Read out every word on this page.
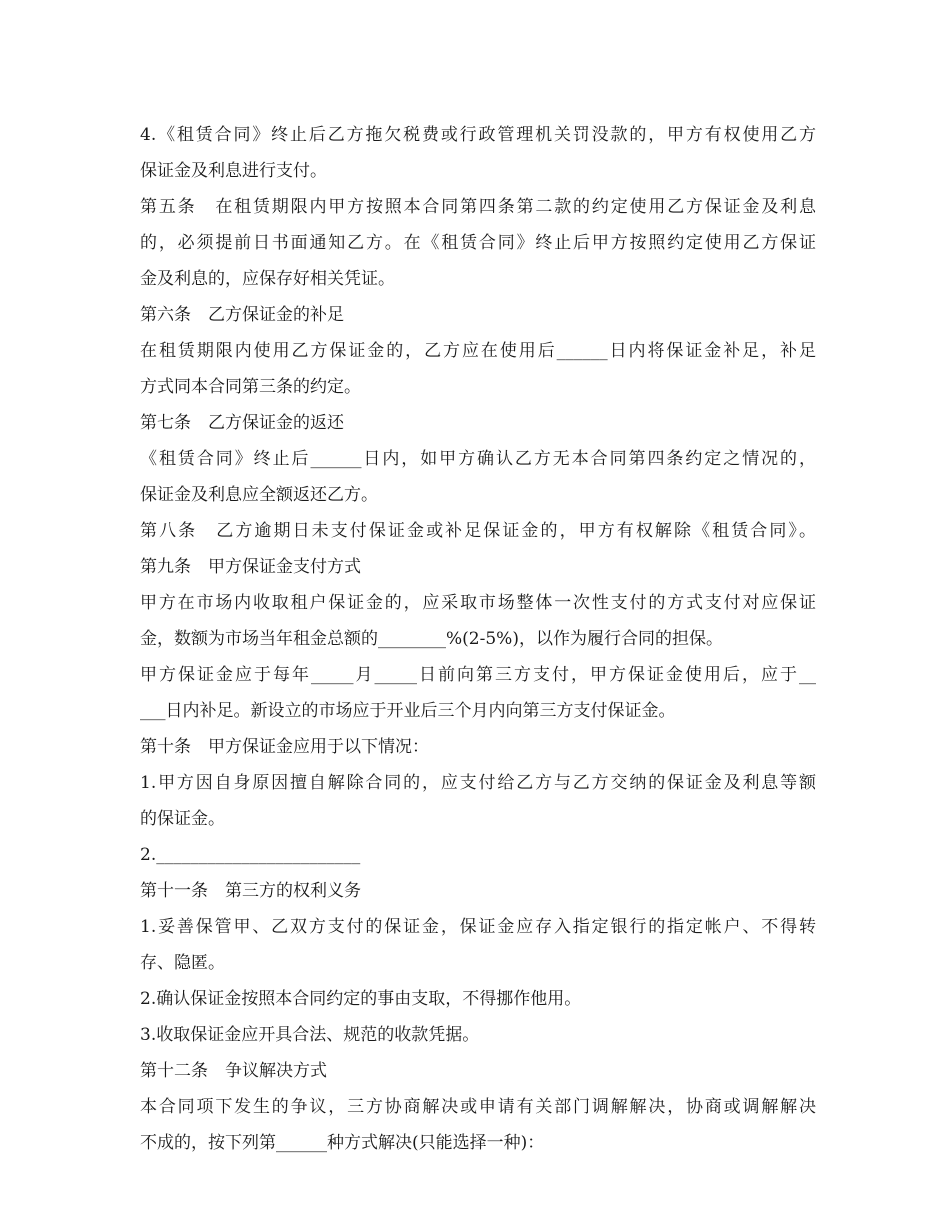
4.《租赁合同》终止后乙方拖欠税费或行政管理机关罚没款的，甲方有权使用乙方
保证金及利息进行支付。
第五条　在租赁期限内甲方按照本合同第四条第二款的约定使用乙方保证金及利息
的，必须提前日书面通知乙方。在《租赁合同》终止后甲方按照约定使用乙方保证
金及利息的，应保存好相关凭证。
第六条　乙方保证金的补足
在租赁期限内使用乙方保证金的，乙方应在使用后______日内将保证金补足，补足
方式同本合同第三条的约定。
第七条　乙方保证金的返还
《租赁合同》终止后______日内，如甲方确认乙方无本合同第四条约定之情况的，
保证金及利息应全额返还乙方。
第八条　乙方逾期日未支付保证金或补足保证金的，甲方有权解除《租赁合同》。
第九条　甲方保证金支付方式
甲方在市场内收取租户保证金的，应采取市场整体一次性支付的方式支付对应保证
金，数额为市场当年租金总额的________%(2-5%)，以作为履行合同的担保。
甲方保证金应于每年_____月_____日前向第三方支付，甲方保证金使用后，应于__
___日内补足。新设立的市场应于开业后三个月内向第三方支付保证金。
第十条　甲方保证金应用于以下情况：
1.甲方因自身原因擅自解除合同的，应支付给乙方与乙方交纳的保证金及利息等额
的保证金。
2.________________________
第十一条　第三方的权利义务
1.妥善保管甲、乙双方支付的保证金，保证金应存入指定银行的指定帐户、不得转
存、隐匿。
2.确认保证金按照本合同约定的事由支取，不得挪作他用。
3.收取保证金应开具合法、规范的收款凭据。
第十二条　争议解决方式
本合同项下发生的争议，三方协商解决或申请有关部门调解解决，协商或调解解决
不成的，按下列第______种方式解决(只能选择一种)：
